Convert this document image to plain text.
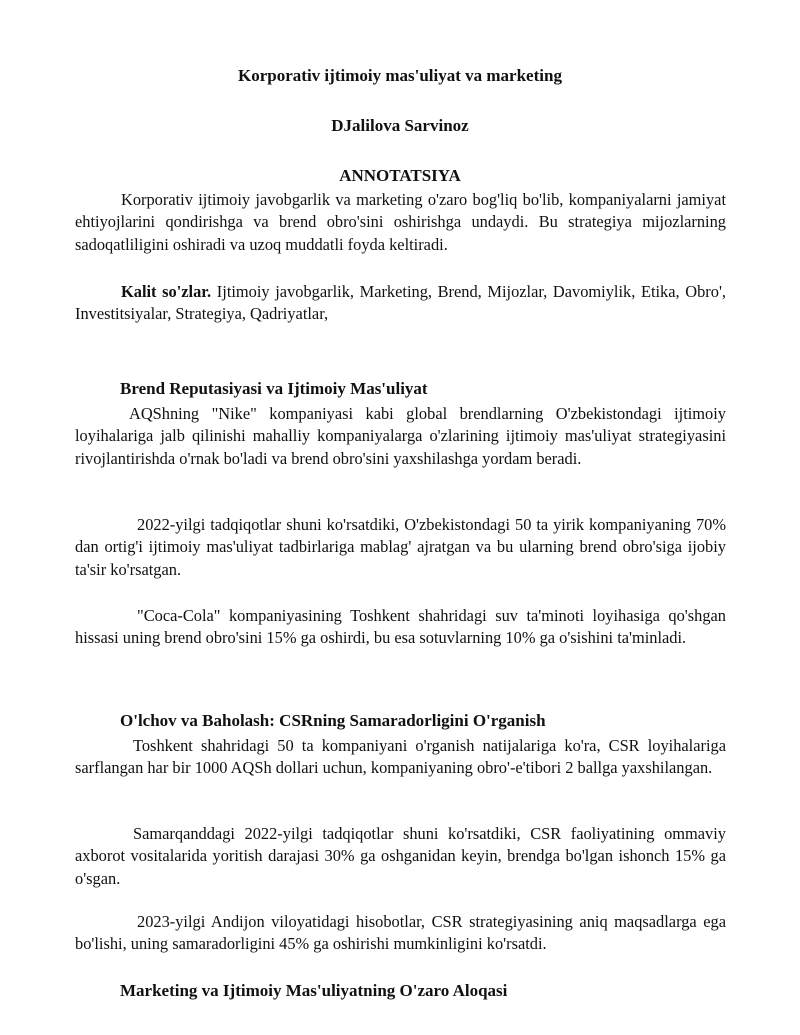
Korporativ ijtimoiy mas'uliyat va marketing

DJalilova Sarvinoz

ANNOTATSIYA

Korporativ ijtimoiy javobgarlik va marketing o'zaro bog'liq bo'lib, kompaniyalarni jamiyat ehtiyojlarini qondirishga va brend obro'sini oshirishga undaydi. Bu strategiya mijozlarning sadoqatliligini oshiradi va uzoq muddatli foyda keltiradi.

Kalit so'zlar. Ijtimoiy javobgarlik, Marketing, Brend, Mijozlar, Davomiylik, Etika, Obro', Investitsiyalar, Strategiya, Qadriyatlar,

Brend Reputasiyasi va Ijtimoiy Mas'uliyat

AQShning "Nike" kompaniyasi kabi global brendlarning O'zbekistondagi ijtimoiy loyihalariga jalb qilinishi mahalliy kompaniyalarga o'zlarining ijtimoiy mas'uliyat strategiyasini rivojlantirishda o'rnak bo'ladi va brend obro'sini yaxshilashga yordam beradi.

2022-yilgi tadqiqotlar shuni ko'rsatdiki, O'zbekistondagi 50 ta yirik kompaniyaning 70% dan ortig'i ijtimoiy mas'uliyat tadbirlariga mablag' ajratgan va bu ularning brend obro'siga ijobiy ta'sir ko'rsatgan.

"Coca-Cola" kompaniyasining Toshkent shahridagi suv ta'minoti loyihasiga qo'shgan hissasi uning brend obro'sini 15% ga oshirdi, bu esa sotuvlarning 10% ga o'sishini ta'minladi.

O'lchov va Baholash: CSRning Samaradorligini O'rganish

Toshkent shahridagi 50 ta kompaniyani o'rganish natijalariga ko'ra, CSR loyihalariga sarflangan har bir 1000 AQSh dollari uchun, kompaniyaning obro'-e'tibori 2 ballga yaxshilangan.

Samarqanddagi 2022-yilgi tadqiqotlar shuni ko'rsatdiki, CSR faoliyatining ommaviy axborot vositalarida yoritish darajasi 30% ga oshganidan keyin, brendga bo'lgan ishonch 15% ga o'sgan.

2023-yilgi Andijon viloyatidagi hisobotlar, CSR strategiyasining aniq maqsadlarga ega bo'lishi, uning samaradorligini 45% ga oshirishi mumkinligini ko'rsatdi.

Marketing va Ijtimoiy Mas'uliyatning O'zaro Aloqasi
